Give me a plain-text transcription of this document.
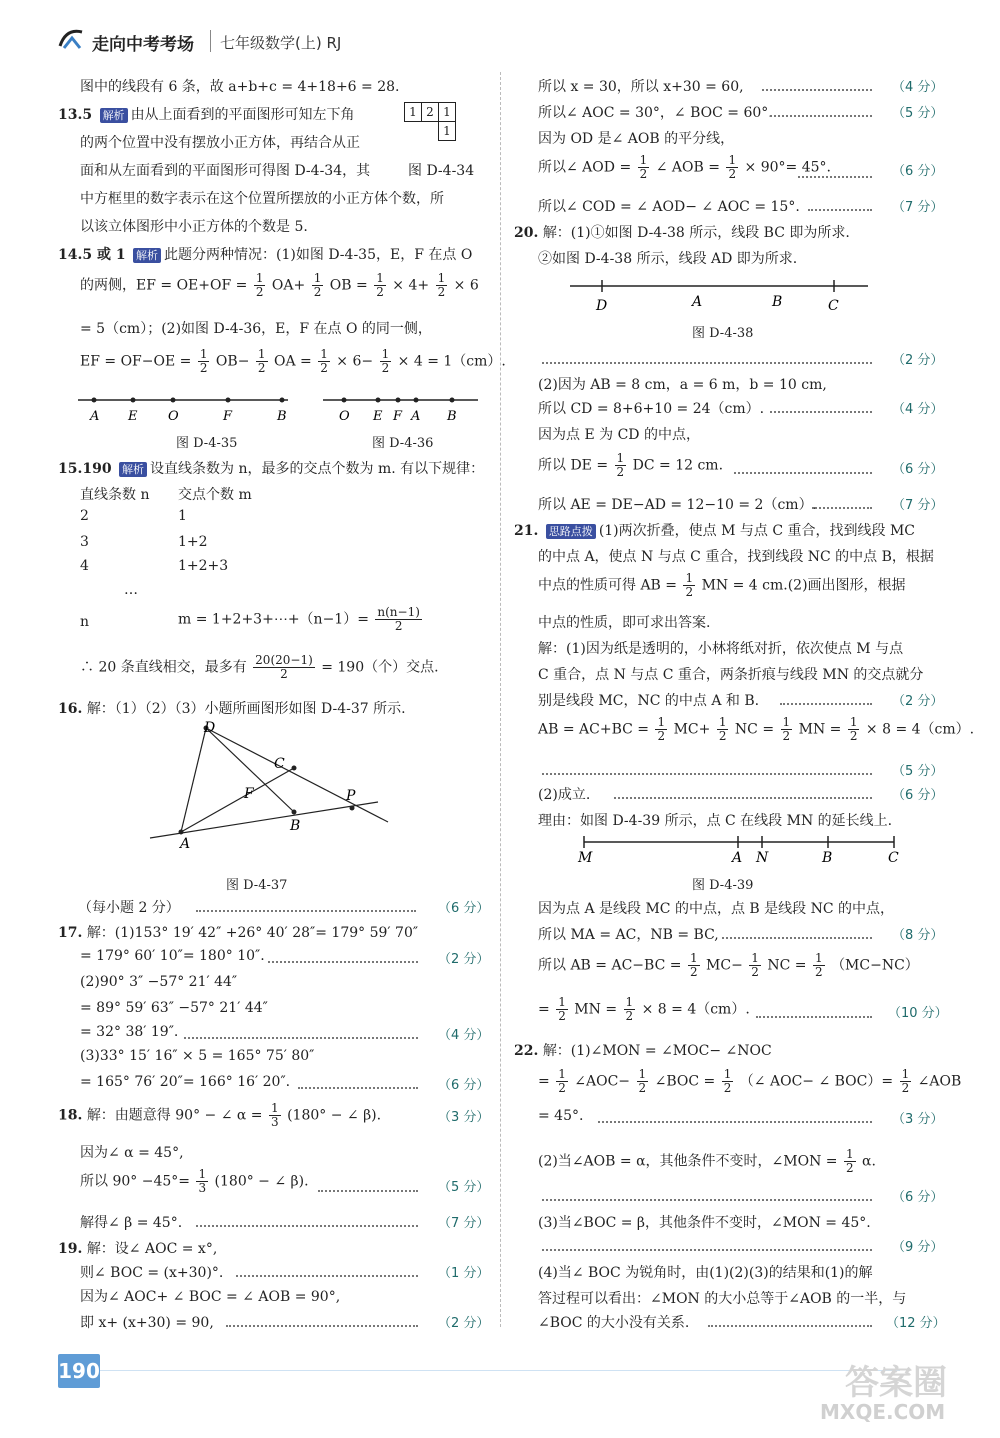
走向中考考场 七年级数学(上) RJ
图中的线段有 6 条，故 a+b+c = 4+18+6 = 28.
13.5 解析 由从上面看到的平面图形可知左下角	1	2	1
		1
的两个位置中没有摆放小正方体，再结合从正
面和从左面看到的平面图形可得图 D-4-34，其	图 D-4-34
中方框里的数字表示在这个位置所摆放的小正方体个数，所
以该立体图形中小正方体的个数是 5.
14.5 或 1 解析 此题分两种情况：(1)如图 D-4-35，E，F 在点 O
的两侧，EF = $OE+OF = \frac{1}{2} OA+ \frac{1}{2}$ OB = $\frac{1}{2} \times 4+ \frac{1}{2} \times 6$
= 5（cm）；(2)如图 D-4-36，E，F 在点 O 的同一侧，
EF = $OF-OE = \frac{1}{2} OB- \frac{1}{2}$ OA = $\frac{1}{2} \times 6- \frac{1}{2} \times 4 = 1(cm)$.
A E O	F	B	O E F A B
图 D-4-35	图 D-4-36
15.190 解析 设直线条数为 n，最多的交点个数为 m. 有以下规律：
直线条数 n 交点个数 m
2	1
3	1+2
4	1+2+3
…
n	m = 1+2+3+⋯+（n−1）= $\frac{n(n-1)}{2}$
∴ 20 条直线相交，最多有 $\frac{20(20-1)}{2} = 190$（个）交点.
16. 解：（1）（2）（3）小题所画图形如图 D-4-37 所示.
D
C
F	P
B
A
图 D-4-37
（每小题 2 分）	（6 分）
17. 解：(1)153° 19′ 42″ +26° 40′ 28″= 179° 59′ 70″
= 179° 60′ 10″= 180° 10″.	（2 分）
(2)90° 3″ −57° 21′ 44″
= 89° 59′ 63″ −57° 21′ 44″
= 32° 38′ 19″.	（4 分）
(3)33° 15′ 16″ × 5 = 165° 75′ 80″
= 165° 76′ 20″= 166° 16′ 20″.	（6 分）
18. 解：由题意得 90° − ∠ $\alpha = \frac{1}{3} (180^\circ$ − ∠ β).	（3 分）
因为∠ α = 45°,
所以 $90^\circ -45^\circ= \frac{1}{3} (180^\circ$ − ∠ β).	（5 分）
解得∠ β = 45°.	（7 分）
19. 解：设∠ AOC = x°,
则∠ BOC = (x+30)°.	（1 分）
因为∠ AOC+ ∠ BOC = ∠ AOB = 90°,
即 x+ (x+30) = 90,	（2 分）
所以 x = 30，所以 x+30 = 60,	（4 分）
所以∠ AOC = 30°，∠ BOC = 60°.	（5 分）
因为 OD 是∠ AOB 的平分线，
所以∠ AOD = $\frac{1}{2}$ ∠ AOB = $\frac{1}{2} \times 90^\circ= 45^\circ$.	（6 分）
所以∠ COD = ∠ AOD− ∠ AOC = 15°.	（7 分）
20. 解：(1)①如图 D-4-38 所示，线段 BC 即为所求.
②如图 D-4-38 所示，线段 AD 即为所求.
D	A	B	C
图 D-4-38
（2 分）
(2)因为 AB = 8 cm，a = 6 m，b = 10 cm,
所以 CD = 8+6+10 = 24（cm）.	（4 分）
因为点 E 为 CD 的中点，
所以 DE = $\frac{1}{2}$ DC = 12 cm.	（6 分）
所以 AE = DE−AD = 12−10 = 2（cm）.	（7 分）
21. 思路点拨 (1)两次折叠，使点 M 与点 C 重合，找到线段 MC
的中点 A，使点 N 与点 C 重合，找到线段 NC 的中点 B，根据
中点的性质可得 AB = $\frac{1}{2}$ MN = 4 cm.(2)画出图形，根据
中点的性质，即可求出答案.
解：(1)因为纸是透明的，小林将纸对折，依次使点 M 与点
C 重合，点 N 与点 C 重合，两条折痕与线段 MN 的交点就分
别是线段 MC，NC 的中点 A 和 B.	（2 分）
AB = $AC+BC = \frac{1}{2} MC+ \frac{1}{2}$ NC = $\frac{1}{2}$ MN = $\frac{1}{2} \times 8 = 4(cm)$.
（5 分）
(2)成立.	（6 分）
理由：如图 D-4-39 所示，点 C 在线段 MN 的延长线上.
M	A N	B	C
图 D-4-39
因为点 A 是线段 MC 的中点，点 B 是线段 NC 的中点，
所以 MA = AC，NB = BC,	（8 分）
所以 AB = $AC-BC = \frac{1}{2} MC- \frac{1}{2}$ NC = $\frac{1}{2} (MC-NC)$
= $\frac{1}{2}$ MN = $\frac{1}{2} \times 8 = 4(cm)$.	（10 分）
22. 解：(1)∠MON = ∠MOC− ∠NOC
= $\frac{1}{2}$ ∠AOC− $\frac{1}{2}$ ∠BOC = $\frac{1}{2}$ （∠ AOC− ∠ $BOC)= \frac{1}{2}$ ∠AOB
= 45°.	（3 分）
(2)当∠AOB = α，其他条件不变时，∠MON = $\frac{1}{2} \alpha$.
（6 分）
(3)当∠BOC = β，其他条件不变时，∠MON = 45°.
（9 分）
(4)当∠ BOC 为锐角时，由(1)(2)(3)的结果和(1)的解
答过程可以看出：∠MON 的大小总等于∠AOB 的一半，与
∠BOC 的大小没有关系.	（12 分）
190	答案圈
MXQE.COM
